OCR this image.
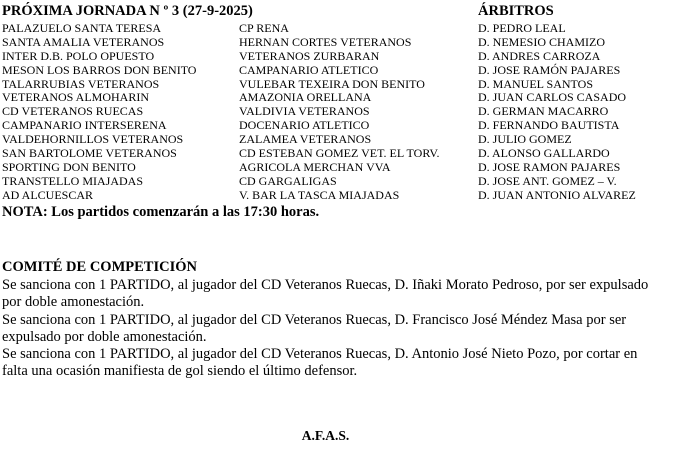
PRÓXIMA JORNADA N º 3 (27-9-2025)	ÁRBITROS
PALAZUELO SANTA TERESA
SANTA AMALIA VETERANOS
INTER D.B. POLO OPUESTO
MESON LOS BARROS DON BENITO
TALARRUBIAS VETERANOS
VETERANOS ALMOHARIN
CD VETERANOS RUECAS
CAMPANARIO INTERSERENA
VALDEHORNILLOS VETERANOS
SAN BARTOLOME VETERANOS
SPORTING DON BENITO
TRANSTELLO MIAJADAS
AD ALCUESCAR
CP RENA
HERNAN CORTES VETERANOS
VETERANOS ZURBARAN
CAMPANARIO ATLETICO
VULEBAR TEXEIRA DON BENITO
AMAZONIA ORELLANA
VALDIVIA VETERANOS
DOCENARIO ATLETICO
ZALAMEA VETERANOS
CD ESTEBAN GOMEZ VET. EL TORV.
AGRICOLA MERCHAN VVA
CD GARGALIGAS
V. BAR LA TASCA MIAJADAS
D. PEDRO LEAL
D. NEMESIO CHAMIZO
D. ANDRES CARROZA
D. JOSE RAMÓN PAJARES
D. MANUEL SANTOS
D. JUAN CARLOS CASADO
D. GERMAN MACARRO
D. FERNANDO BAUTISTA
D. JULIO GOMEZ
D. ALONSO GALLARDO
D. JOSE RAMON PAJARES
D. JOSE ANT. GOMEZ – V.
D. JUAN ANTONIO ALVAREZ
NOTA: Los partidos comenzarán a las 17:30 horas.
COMITÉ DE COMPETICIÓN

Se sanciona con 1 PARTIDO, al jugador del CD Veteranos Ruecas, D. Iñaki Morato Pedroso, por ser expulsado por doble amonestación.

Se sanciona con 1 PARTIDO, al jugador del CD Veteranos Ruecas, D. Francisco José Méndez Masa por ser expulsado por doble amonestación.

Se sanciona con 1 PARTIDO, al jugador del CD Veteranos Ruecas, D. Antonio José Nieto Pozo, por cortar en falta una ocasión manifiesta de gol siendo el último defensor.

A.F.A.S.
